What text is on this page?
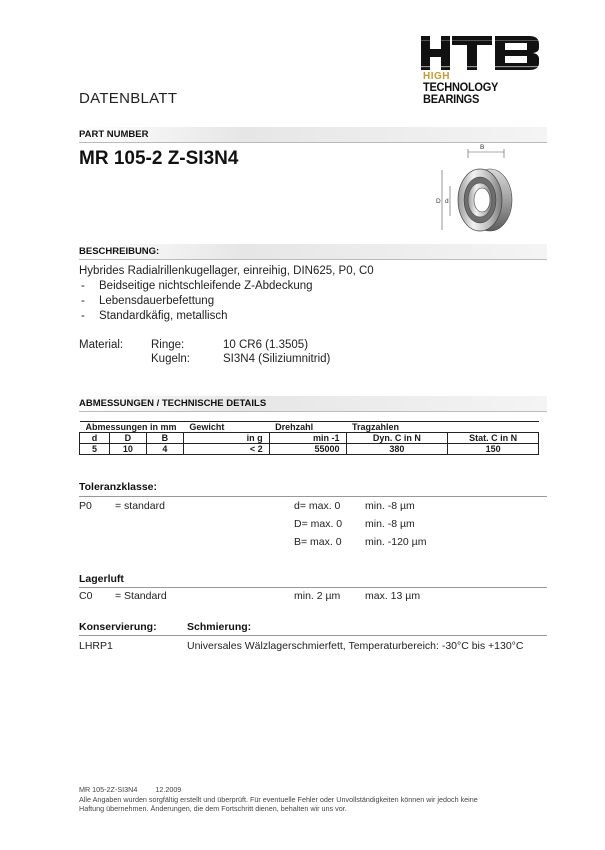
DATENBLATT
HIGH
TECHNOLOGY
BEARINGS
PART NUMBER
MR 105-2 Z-SI3N4
B
D d
BESCHREIBUNG:
Hybrides Radialrillenkugellager, einreihig, DIN625, P0, C0
- Beidseitige nichtschleifende Z-Abdeckung
- Lebensdauerbefettung
- Standardkäfig, metallisch
Material: Ringe:	10 CR6 (1.3505)
Kugeln:	SI3N4 (Siliziumnitrid)
ABMESSUNGEN / TECHNISCHE DETAILS
Abmessungen in mm			Gewicht	Drehzahl	Tragzahlen	
d	D	B	in g	min -1	Dyn. C in N	Stat. C in N
5	10	4	< 2	55000	380	150
Toleranzklasse:
P0 = standard	d= max. 0 min. -8 µm
D= max. 0 min. -8 µm
B= max. 0 min. -120 µm
Lagerluft
C0 = Standard	min. 2 µm max. 13 µm
Konservierung:	Schmierung:
LHRP1	Universales Wälzlagerschmierfett, Temperaturbereich: -30°C bis +130°C
MR 105-2Z-SI3N4	12.2009
Alle Angaben wurden sorgfältig erstellt und überprüft. Für eventuelle Fehler oder Unvollständigkeiten können wir jedoch keine
Haftung übernehmen. Änderungen, die dem Fortschritt dienen, behalten wir uns vor.
